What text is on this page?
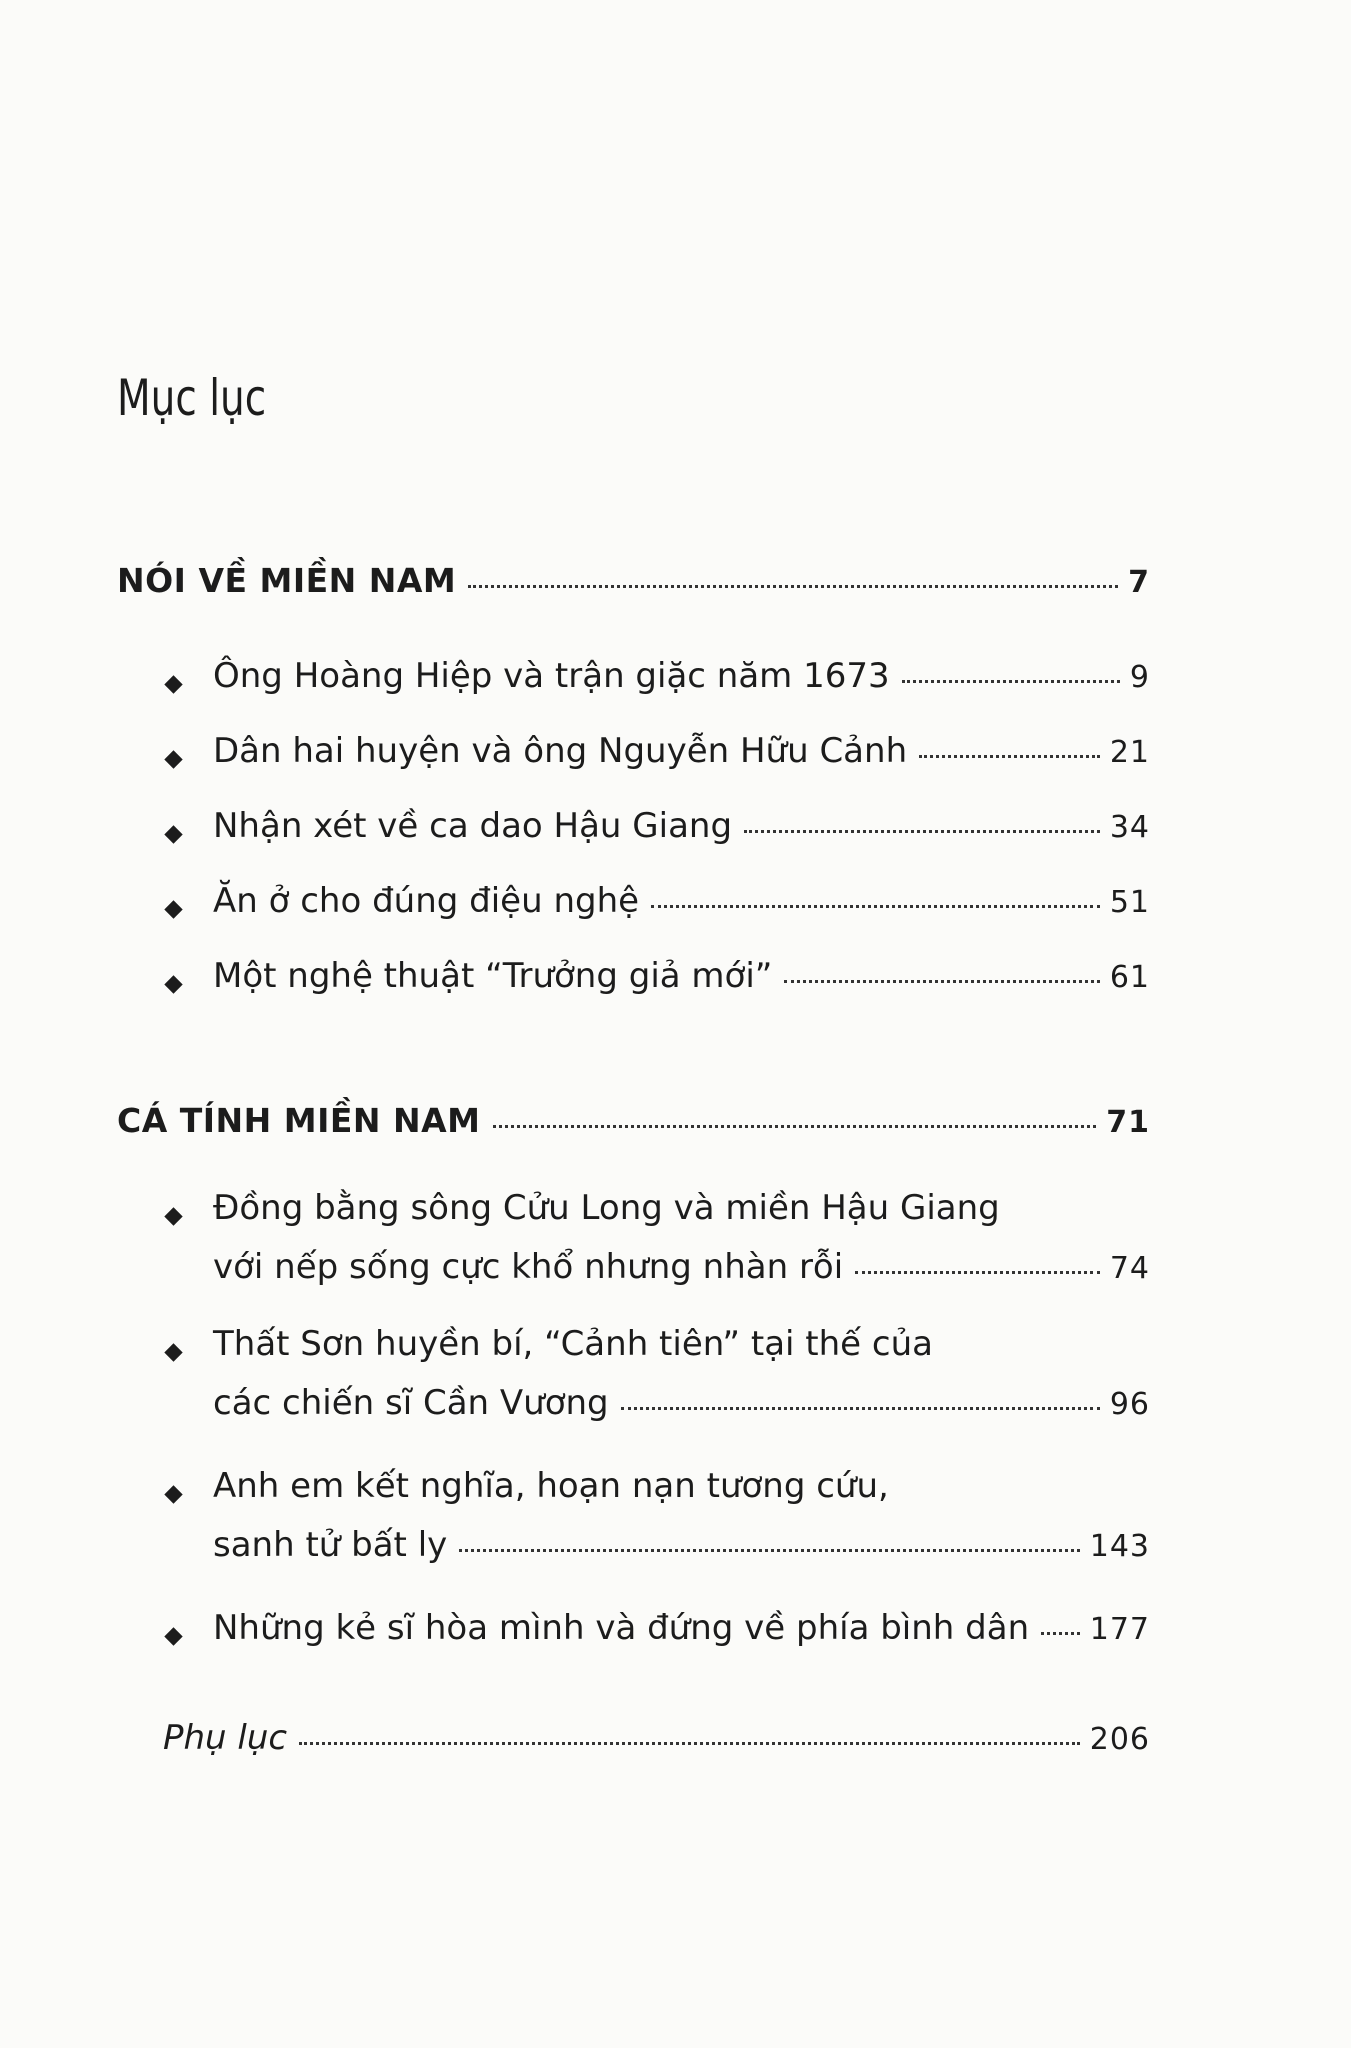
Mục lục
NÓI VỀ MIỀN NAM	7
Ông Hoàng Hiệp và trận giặc năm 1673	9
Dân hai huyện và ông Nguyễn Hữu Cảnh	21
Nhận xét về ca dao Hậu Giang	34
Ăn ở cho đúng điệu nghệ	51
Một nghệ thuật “Trưởng giả mới”	61
CÁ TÍNH MIỀN NAM	71
Đồng bằng sông Cửu Long và miền Hậu Giang
với nếp sống cực khổ nhưng nhàn rỗi	74
Thất Sơn huyền bí, “Cảnh tiên” tại thế của
các chiến sĩ Cần Vương	96
Anh em kết nghĩa, hoạn nạn tương cứu,
sanh tử bất ly	143
Những kẻ sĩ hòa mình và đứng về phía bình dân	177
Phụ lục	206
